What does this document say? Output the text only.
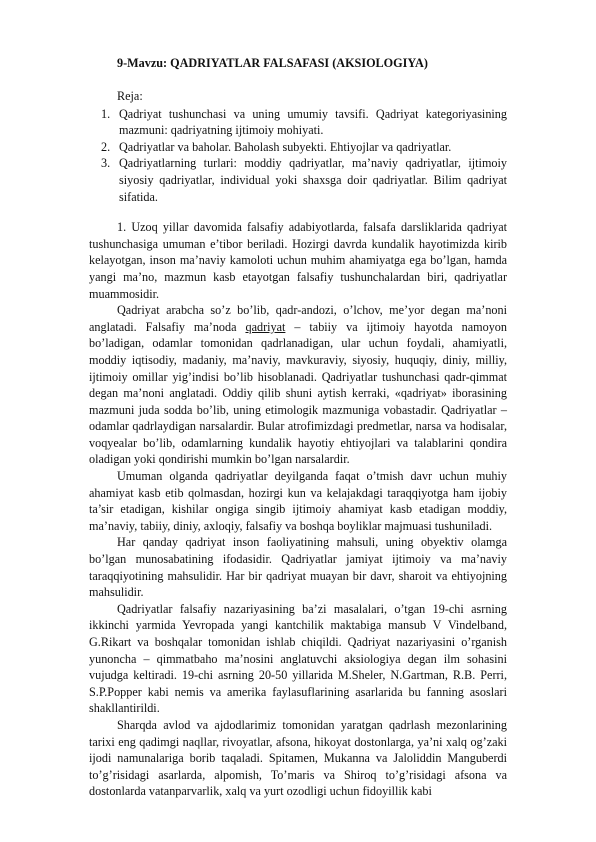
9-Mavzu: QADRIYATLAR FALSAFASI (AKSIOLOGIYA)
Reja:
1. Qadriyat tushunchasi va uning umumiy tavsifi. Qadriyat kategoriyasining mazmuni: qadriyatning ijtimoiy mohiyati.
2. Qadriyatlar va baholar. Baholash subyekti. Ehtiyojlar va qadriyatlar.
3. Qadriyatlarning turlari: moddiy qadriyatlar, ma’naviy qadriyatlar, ijtimoiy siyosiy qadriyatlar, individual yoki shaxsga doir qadriyatlar. Bilim qadriyat sifatida.

1. Uzoq yillar davomida falsafiy adabiyotlarda, falsafa darsliklarida qadriyat tushunchasiga umuman e’tibor beriladi. Hozirgi davrda kundalik hayotimizda kirib kelayotgan, inson ma’naviy kamoloti uchun muhim ahamiyatga ega bo’lgan, hamda yangi ma’no, mazmun kasb etayotgan falsafiy tushunchalardan biri, qadriyatlar muammosidir.

Qadriyat arabcha so’z bo’lib, qadr-andozi, o’lchov, me’yor degan ma’noni anglatadi. Falsafiy ma’noda qadriyat – tabiiy va ijtimoiy hayotda namoyon bo’ladigan, odamlar tomonidan qadrlanadigan, ular uchun foydali, ahamiyatli, moddiy iqtisodiy, madaniy, ma’naviy, mavkuraviy, siyosiy, huquqiy, diniy, milliy, ijtimoiy omillar yig’indisi bo’lib hisoblanadi. Qadriyatlar tushunchasi qadr-qimmat degan ma’noni anglatadi. Oddiy qilib shuni aytish kerraki, «qadriyat» iborasining mazmuni juda sodda bo’lib, uning etimologik mazmuniga vobastadir. Qadriyatlar – odamlar qadrlaydigan narsalardir. Bular atrofimizdagi predmetlar, narsa va hodisalar, voqyealar bo’lib, odamlarning kundalik hayotiy ehtiyojlari va talablarini qondira oladigan yoki qondirishi mumkin bo’lgan narsalardir.

Umuman olganda qadriyatlar deyilganda faqat o’tmish davr uchun muhiy ahamiyat kasb etib qolmasdan, hozirgi kun va kelajakdagi taraqqiyotga ham ijobiy ta’sir etadigan, kishilar ongiga singib ijtimoiy ahamiyat kasb etadigan moddiy, ma’naviy, tabiiy, diniy, axloqiy, falsafiy va boshqa boyliklar majmuasi tushuniladi.

Har qanday qadriyat inson faoliyatining mahsuli, uning obyektiv olamga bo’lgan munosabatining ifodasidir. Qadriyatlar jamiyat ijtimoiy va ma’naviy taraqqiyotining mahsulidir. Har bir qadriyat muayan bir davr, sharoit va ehtiyojning mahsulidir.

Qadriyatlar falsafiy nazariyasining ba’zi masalalari, o’tgan 19-chi asrning ikkinchi yarmida Yevropada yangi kantchilik maktabiga mansub V Vindelband, G.Rikart va boshqalar tomonidan ishlab chiqildi. Qadriyat nazariyasini o’rganish yunoncha – qimmatbaho ma’nosini anglatuvchi aksiologiya degan ilm sohasini vujudga keltiradi. 19-chi asrning 20-50 yillarida M.Sheler, N.Gartman, R.B. Perri, S.P.Popper kabi nemis va amerika faylasuflarining asarlarida bu fanning asoslari shakllantirildi.

Sharqda avlod va ajdodlarimiz tomonidan yaratgan qadrlash mezonlarining tarixi eng qadimgi naqllar, rivoyatlar, afsona, hikoyat dostonlarga, ya’ni xalq og’zaki ijodi namunalariga borib taqaladi. Spitamen, Mukanna va Jaloliddin Manguberdi to’g’risidagi asarlarda, alpomish, To’maris va Shiroq to’g’risidagi afsona va dostonlarda vatanparvarlik, xalq va yurt ozodligi uchun fidoyillik kabi
